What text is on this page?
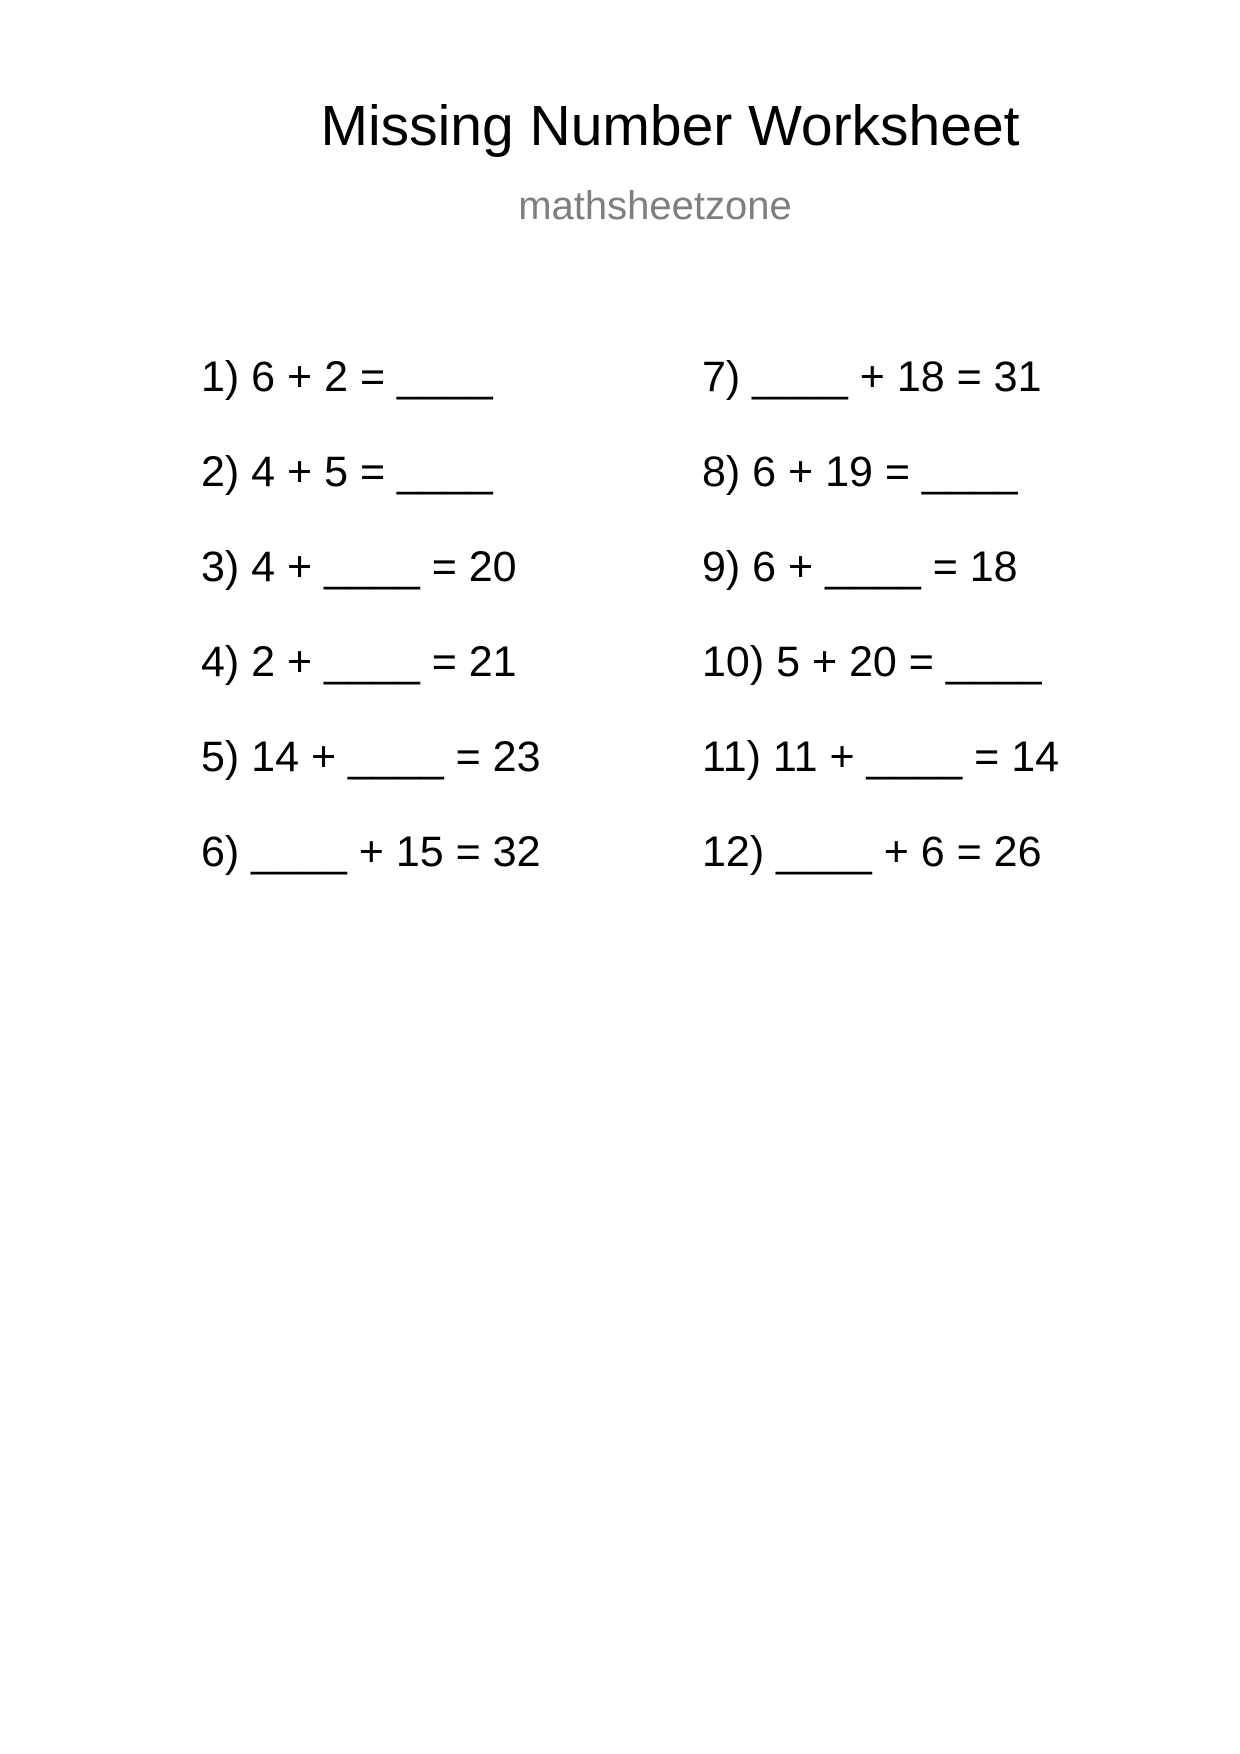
Missing Number Worksheet
mathsheetzone
1) 6 + 2 = ____
2) 4 + 5 = ____
3) 4 + ____ = 20
4) 2 + ____ = 21
5) 14 + ____ = 23
6) ____ + 15 = 32
7) ____ + 18 = 31
8) 6 + 19 = ____
9) 6 + ____ = 18
10) 5 + 20 = ____
11) 11 + ____ = 14
12) ____ + 6 = 26
